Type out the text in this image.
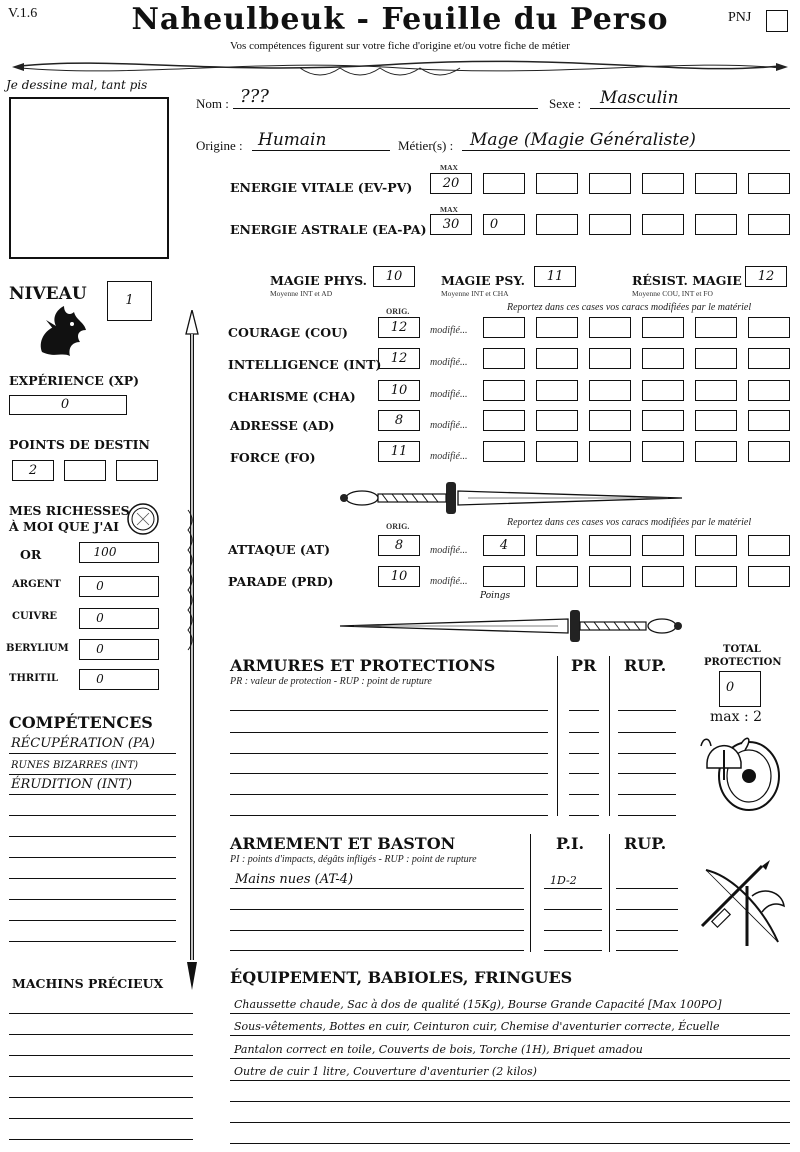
V.1.6	Naheulbeuk - Feuille du Perso
Vos compétences figurent sur votre fiche d'origine et/ou votre fiche de métier
PNJ
Je dessine mal, tant pis
Nom : ???	Sexe : Masculin
Origine : Humain	Métier(s) : Mage (Magie Généraliste)
MAX
ENERGIE VITALE (EV-PV)	20
MAX
ENERGIE ASTRALE (EA-PA)	30	0
MAGIE PHYS.
Moyenne INT et AD
10	MAGIE PSY.
Moyenne INT et CHA
11	RÉSIST. MAGIE
Moyenne COU, INT et FO
12
NIVEAU	1
EXPÉRIENCE (XP)
0
POINTS DE DESTIN
2
MES RICHESSES
À MOI QUE J'AI
OR	100
ARGENT	0
CUIVRE	0
BERYLIUM	0
THRITIL	0
COMPÉTENCES
RÉCUPÉRATION (PA)
RUNES BIZARRES (INT)
ÉRUDITION (INT)
MACHINS PRÉCIEUX
ORIG.	Reportez dans ces cases vos caracs modifiées par le matériel
COURAGE (COU)	12	modifié...
INTELLIGENCE (INT) 12	modifié...
CHARISME (CHA)	10	modifié...
ADRESSE (AD)	8	modifié...
FORCE (FO)	11	modifié...
ORIG.	Reportez dans ces cases vos caracs modifiées par le matériel
ATTAQUE (AT)	8	modifié...	4
PARADE (PRD)	10	modifié...
Poings
ARMURES ET PROTECTIONS
PR : valeur de protection - RUP : point de rupture
PR RUP.
TOTAL
PROTECTION
0
max : 2
ARMEMENT ET BASTON
PI : points d'impacts, dégâts infligés - RUP : point de rupture
P.I. RUP.
Mains nues (AT-4)	1D-2
ÉQUIPEMENT, BABIOLES, FRINGUES
Chaussette chaude, Sac à dos de qualité (15Kg), Bourse Grande Capacité [Max 100PO]
Sous-vêtements, Bottes en cuir, Ceinturon cuir, Chemise d'aventurier correcte, Écuelle
Pantalon correct en toile, Couverts de bois, Torche (1H), Briquet amadou
Outre de cuir 1 litre, Couverture d'aventurier (2 kilos)
